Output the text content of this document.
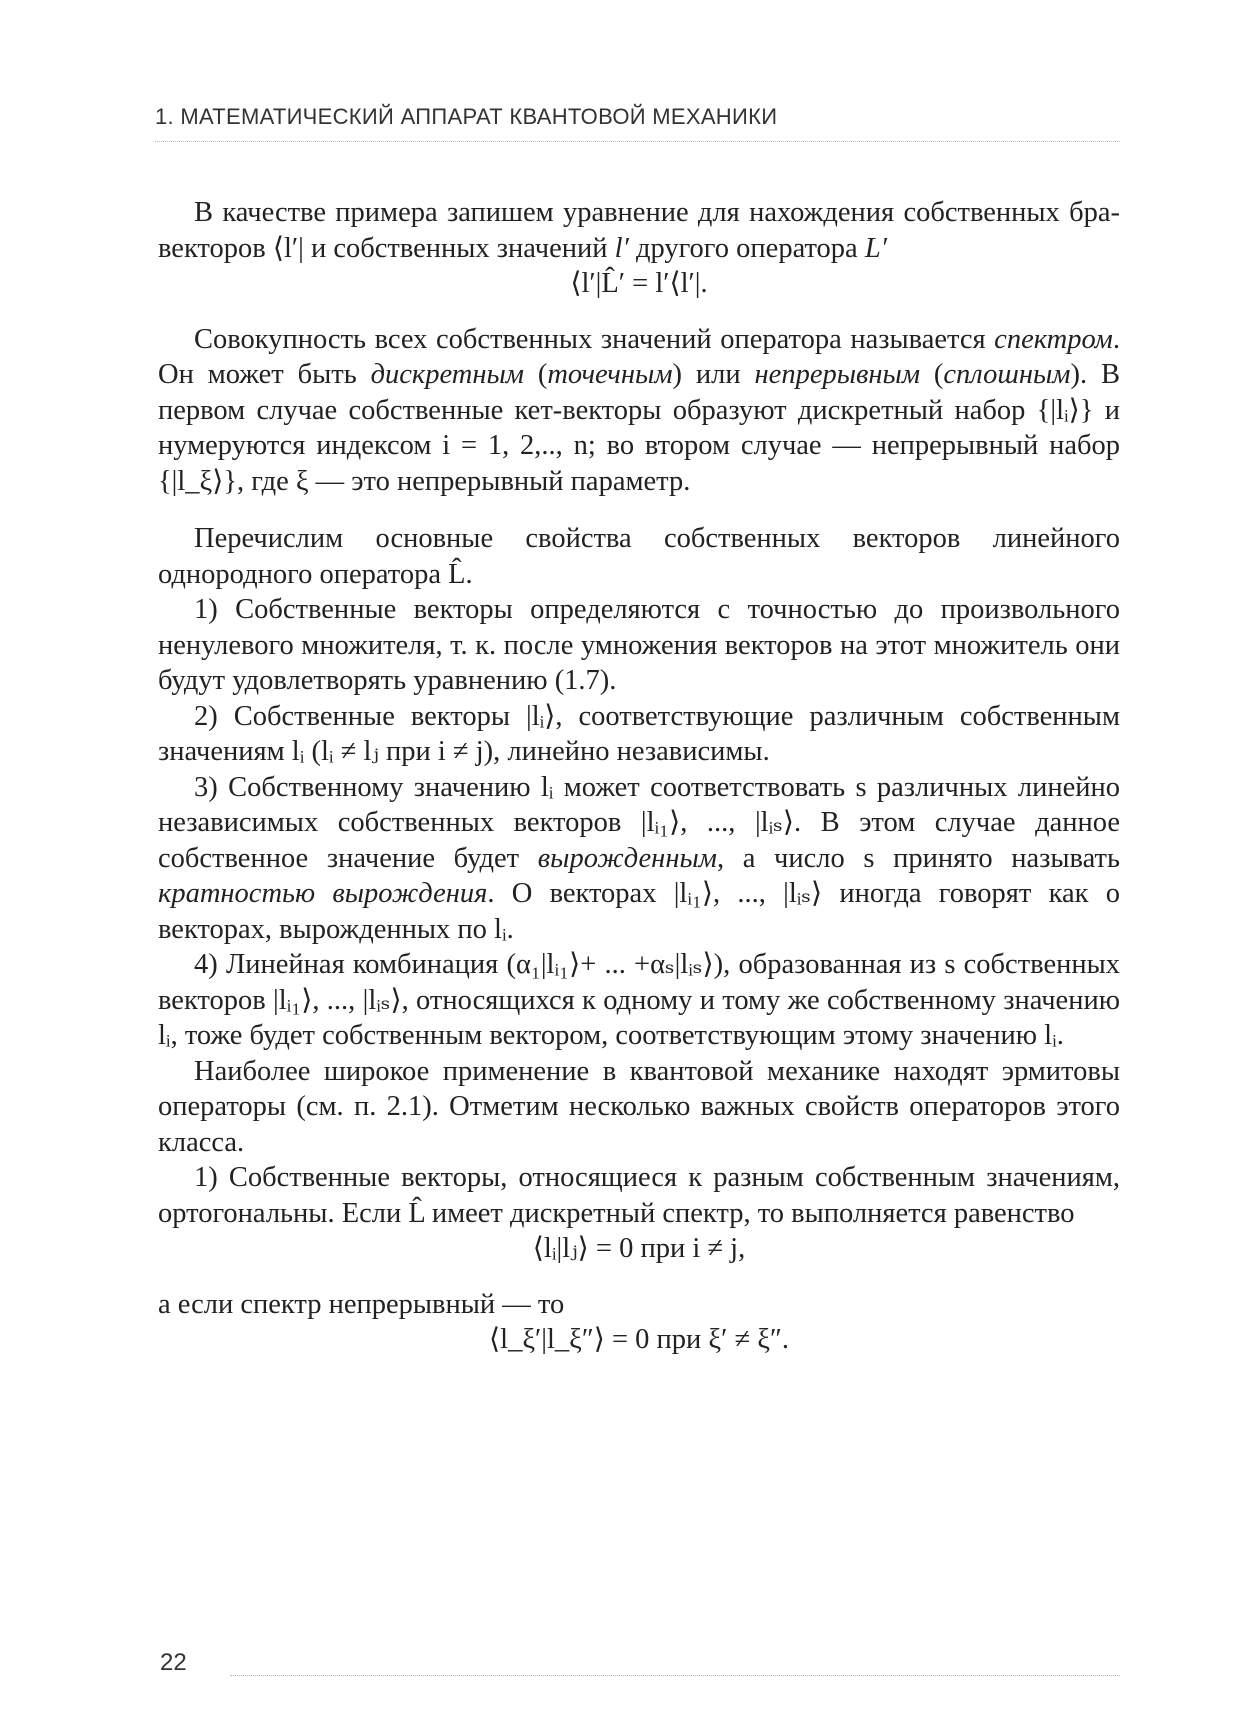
1. МАТЕМАТИЧЕСКИЙ АППАРАТ КВАНТОВОЙ МЕХАНИКИ

В качестве примера запишем уравнение для нахождения собственных бра-векторов ⟨l′| и собственных значений l′ другого оператора L′

⟨l′|L̂′ = l′⟨l′|.

Совокупность всех собственных значений оператора называется спектром. Он может быть дискретным (точечным) или непрерывным (сплошным). В первом случае собственные кет-векторы образуют дискретный набор {|lᵢ⟩} и нумеруются индексом i = 1, 2,.., n; во втором случае — непрерывный набор {|l_ξ⟩}, где ξ — это непрерывный параметр.

Перечислим основные свойства собственных векторов линейного однородного оператора L̂.

1) Собственные векторы определяются с точностью до произвольного ненулевого множителя, т. к. после умножения векторов на этот множитель они будут удовлетворять уравнению (1.7).

2) Собственные векторы |lᵢ⟩, соответствующие различным собственным значениям lᵢ (lᵢ ≠ lⱼ при i ≠ j), линейно независимы.

3) Собственному значению lᵢ может соответствовать s различных линейно независимых собственных векторов |lᵢ₁⟩, ..., |lᵢₛ⟩. В этом случае данное собственное значение будет вырожденным, а число s принято называть кратностью вырождения. О векторах |lᵢ₁⟩, ..., |lᵢₛ⟩ иногда говорят как о векторах, вырожденных по lᵢ.

4) Линейная комбинация (α₁|lᵢ₁⟩+ ... +αₛ|lᵢₛ⟩), образованная из s собственных векторов |lᵢ₁⟩, ..., |lᵢₛ⟩, относящихся к одному и тому же собственному значению lᵢ, тоже будет собственным вектором, соответствующим этому значению lᵢ.

Наиболее широкое применение в квантовой механике находят эрмитовы операторы (см. п. 2.1). Отметим несколько важных свойств операторов этого класса.

1) Собственные векторы, относящиеся к разным собственным значениям, ортогональны. Если L̂ имеет дискретный спектр, то выполняется равенство

⟨lᵢ|lⱼ⟩ = 0 при i ≠ j,

а если спектр непрерывный — то

⟨l_ξ′|l_ξ″⟩ = 0 при ξ′ ≠ ξ″.

22
